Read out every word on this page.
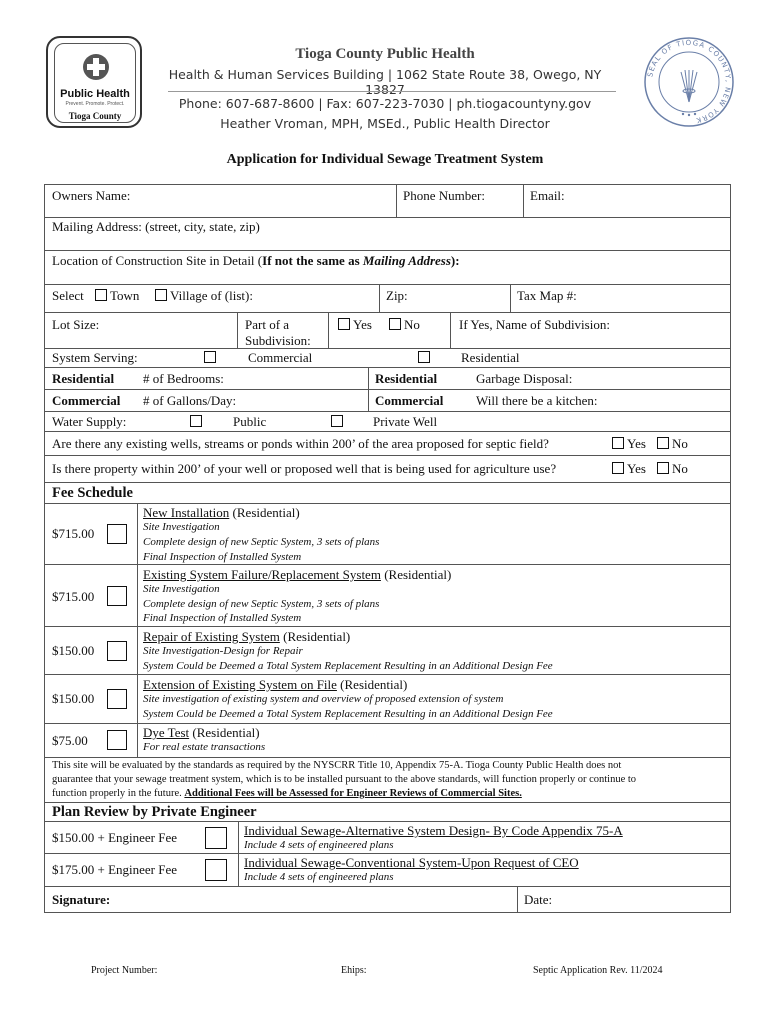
Public Health
Prevent. Promote. Protect.
Tioga County
Tioga County Public Health
Health & Human Services Building | 1062 State Route 38, Owego, NY 13827
Phone: 607-687-8600 | Fax: 607-223-7030 | ph.tiogacountyny.gov
Heather Vroman, MPH, MSEd., Public Health Director
SEAL OF TIOGA COUNTY, NEW YORK
Application for Individual Sewage Treatment System
Owners Name:	Phone Number:	Email:
Mailing Address: (street, city, state, zip)
Location of Construction Site in Detail (If not the same as Mailing Address):
Select	Town	Village of (list):	Zip:	Tax Map #:
Lot Size:	Part of a
Subdivision:
Yes	No	If Yes, Name of Subdivision:
System Serving:	Commercial	Residential
Residential # of Bedrooms:	Residential	Garbage Disposal:
Commercial # of Gallons/Day:	Commercial	Will there be a kitchen:
Water Supply:	Public	Private Well
Are there any existing wells, streams or ponds within 200’ of the area proposed for septic field?	Yes	No
Is there property within 200’ of your well or proposed well that is being used for agriculture use?	Yes	No
Fee Schedule
$715.00
New Installation (Residential)
Site Investigation
Complete design of new Septic System, 3 sets of plans
Final Inspection of Installed System
$715.00
Existing System Failure/Replacement System (Residential)
Site Investigation
Complete design of new Septic System, 3 sets of plans
Final Inspection of Installed System
$150.00
Repair of Existing System (Residential)
Site Investigation-Design for Repair
System Could be Deemed a Total System Replacement Resulting in an Additional Design Fee
$150.00
Extension of Existing System on File (Residential)
Site investigation of existing system and overview of proposed extension of system
System Could be Deemed a Total System Replacement Resulting in an Additional Design Fee
$75.00
Dye Test (Residential)
For real estate transactions
This site will be evaluated by the standards as required by the NYSCRR Title 10, Appendix 75-A. Tioga County Public Health does not
guarantee that your sewage treatment system, which is to be installed pursuant to the above standards, will function properly or continue to
function properly in the future. Additional Fees will be Assessed for Engineer Reviews of Commercial Sites.
Plan Review by Private Engineer
$150.00 + Engineer Fee	Individual Sewage-Alternative System Design- By Code Appendix 75-A
Include 4 sets of engineered plans
$175.00 + Engineer Fee	Individual Sewage-Conventional System-Upon Request of CEO
Include 4 sets of engineered plans
Signature:	Date:
Project Number:	Ehips:	Septic Application Rev. 11/2024
